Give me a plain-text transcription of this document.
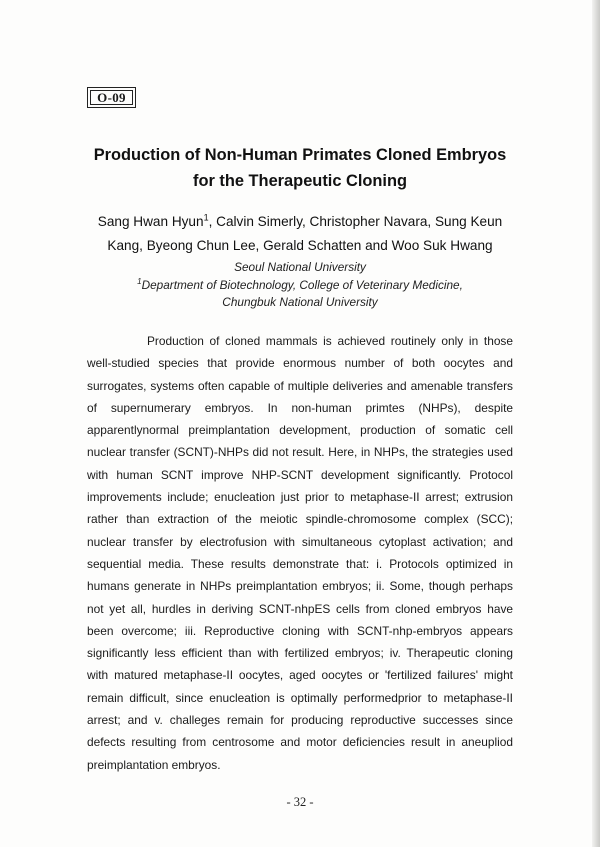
O-09
Production of Non-Human Primates Cloned Embryos
for the Therapeutic Cloning
Sang Hwan Hyun$^1$, Calvin Simerly, Christopher Navara, Sung Keun
Kang, Byeong Chun Lee, Gerald Schatten and Woo Suk Hwang
Seoul National University
$^1$Department of Biotechnology, College of Veterinary Medicine,
Chungbuk National University

Production of cloned mammals is achieved routinely only in those well-studied species that provide enormous number of both oocytes and surrogates, systems often capable of multiple deliveries and amenable transfers of supernumerary embryos. In non-human primtes (NHPs), despite apparentlynormal preimplantation development, production of somatic cell nuclear transfer (SCNT)-NHPs did not result. Here, in NHPs, the strategies used with human SCNT improve NHP-SCNT development significantly. Protocol improvements include; enucleation just prior to metaphase-II arrest; extrusion rather than extraction of the meiotic spindle-chromosome complex (SCC); nuclear transfer by electrofusion with simultaneous cytoplast activation; and sequential media. These results demonstrate that: i. Protocols optimized in humans generate in NHPs preimplantation embryos; ii. Some, though perhaps not yet all, hurdles in deriving SCNT-nhpES cells from cloned embryos have been overcome; iii. Reproductive cloning with SCNT-nhp-embryos appears significantly less efficient than with fertilized embryos; iv. Therapeutic cloning with matured metaphase-II oocytes, aged oocytes or 'fertilized failures' might remain difficult, since enucleation is optimally performedprior to metaphase-II arrest; and v. challeges remain for producing reproductive successes since defects resulting from centrosome and motor deficiencies result in aneupliod preimplantation embryos.

- 32 -
